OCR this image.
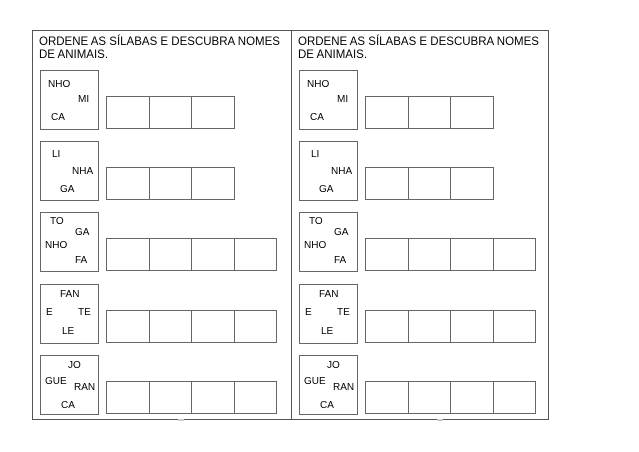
ORDENE AS SÍLABAS E DESCUBRA NOMES DE ANIMAIS.
NHO
MI
CA
LI
NHA
GA
TO
GA
NHO
FA
FAN
E	TE
LE
JO
GUE
RAN
CA
ORDENE AS SÍLABAS E DESCUBRA NOMES DE ANIMAIS.
NHO
MI
CA
LI
NHA
GA
TO
GA
NHO
FA
FAN
E	TE
LE
JO
GUE
RAN
CA
